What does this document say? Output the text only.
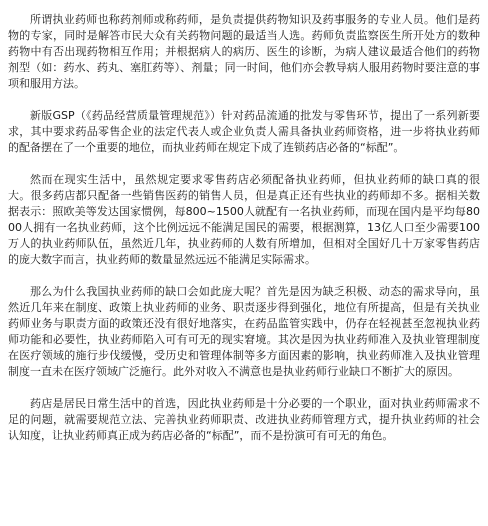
所谓执业药师也称药剂师或称药师，是负责提供药物知识及药事服务的专业人员。他们是药物的专家，同时是解答市民大众有关药物问题的最适当人选。药师负责监察医生所开处方的数种药物中有否出现药物相互作用；并根据病人的病历、医生的诊断，为病人建议最适合他们的药物剂型（如：药水、药丸、塞肛药等）、剂量；同一时间，他们亦会教导病人服用药物时要注意的事项和服用方法。

新版GSP（《药品经营质量管理规范》）针对药品流通的批发与零售环节，提出了一系列新要求，其中要求药品零售企业的法定代表人或企业负责人需具备执业药师资格，进一步将执业药师的配备摆在了一个重要的地位，而执业药师在规定下成了连锁药店必备的“标配”。

然而在现实生活中，虽然规定要求零售药店必须配备执业药师，但执业药师的缺口真的很大。很多药店都只配备一些销售医药的销售人员，但是真正还有些执业的药师却不多。据相关数据表示：照欧美等发达国家惯例，每800~1500人就配有一名执业药师，而现在国内是平均每8000人拥有一名执业药师，这个比例远远不能满足国民的需要，根据测算，13亿人口至少需要100万人的执业药师队伍，虽然近几年，执业药师的人数有所增加，但相对全国好几十万家零售药店的庞大数字而言，执业药师的数量显然远远不能满足实际需求。

那么为什么我国执业药师的缺口会如此庞大呢？首先是因为缺乏积极、动态的需求导向，虽然近几年来在制度、政策上执业药师的业务、职责逐步得到强化，地位有所提高，但是有关执业药师业务与职责方面的政策还没有很好地落实，在药品监管实践中，仍存在轻视甚至忽视执业药师功能和必要性，执业药师陷入可有可无的现实窘境。其次是因为执业药师准入及执业管理制度在医疗领域的施行步伐缓慢，受历史和管理体制等多方面因素的影响，执业药师准入及执业管理制度一直未在医疗领域广泛施行。此外对收入不满意也是执业药师行业缺口不断扩大的原因。

药店是居民日常生活中的首选，因此执业药师是十分必要的一个职业，面对执业药师需求不足的问题，就需要规范立法、完善执业药师职责、改进执业药师管理方式，提升执业药师的社会认知度，让执业药师真正成为药店必备的“标配”，而不是扮演可有可无的角色。
